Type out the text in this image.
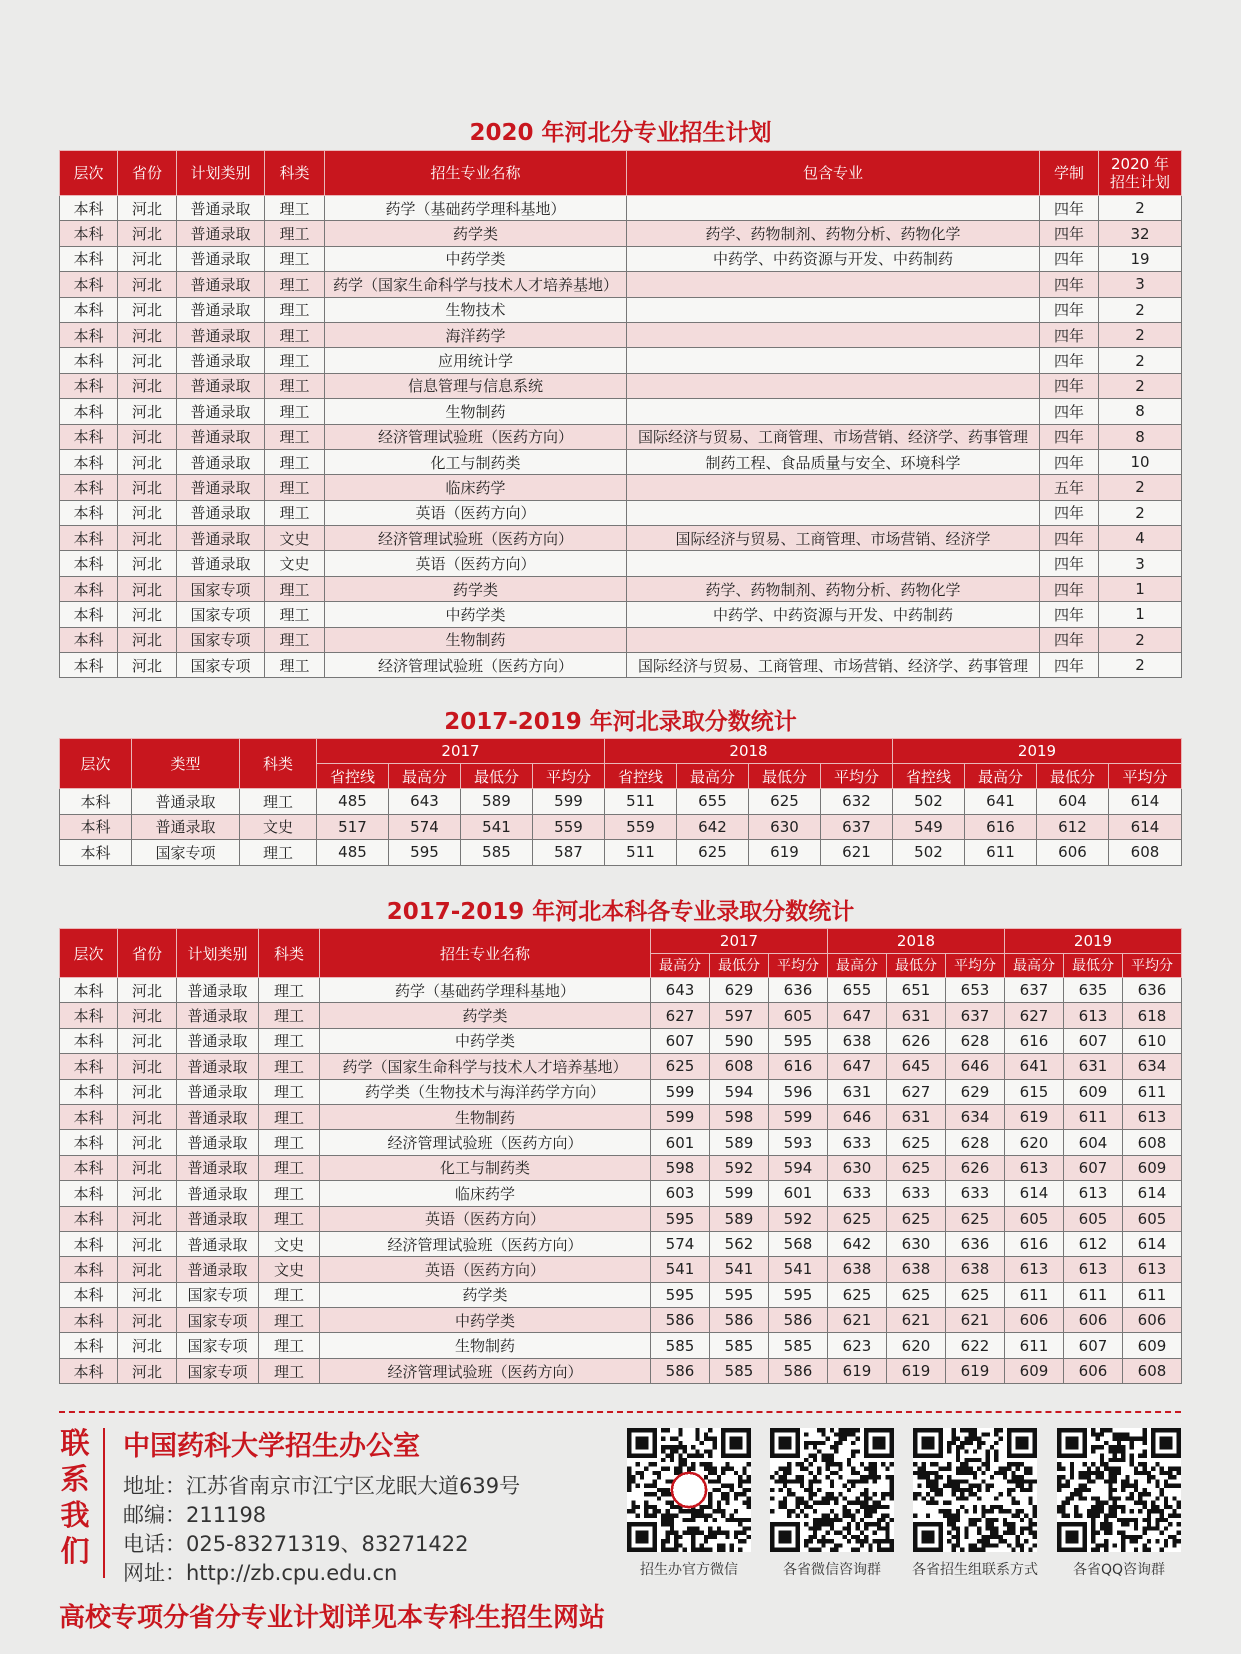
2020 年河北分专业招生计划
层次	省份	计划类别	科类	招生专业名称	包含专业	学制	2020 年
招生计划
本科	河北	普通录取	理工	药学（基础药学理科基地）		四年	2
本科	河北	普通录取	理工	药学类	药学、药物制剂、药物分析、药物化学	四年	32
本科	河北	普通录取	理工	中药学类	中药学、中药资源与开发、中药制药	四年	19
本科	河北	普通录取	理工	药学（国家生命科学与技术人才培养基地）		四年	3
本科	河北	普通录取	理工	生物技术		四年	2
本科	河北	普通录取	理工	海洋药学		四年	2
本科	河北	普通录取	理工	应用统计学		四年	2
本科	河北	普通录取	理工	信息管理与信息系统		四年	2
本科	河北	普通录取	理工	生物制药		四年	8
本科	河北	普通录取	理工	经济管理试验班（医药方向）	国际经济与贸易、工商管理、市场营销、经济学、药事管理	四年	8
本科	河北	普通录取	理工	化工与制药类	制药工程、食品质量与安全、环境科学	四年	10
本科	河北	普通录取	理工	临床药学		五年	2
本科	河北	普通录取	理工	英语（医药方向）		四年	2
本科	河北	普通录取	文史	经济管理试验班（医药方向）	国际经济与贸易、工商管理、市场营销、经济学	四年	4
本科	河北	普通录取	文史	英语（医药方向）		四年	3
本科	河北	国家专项	理工	药学类	药学、药物制剂、药物分析、药物化学	四年	1
本科	河北	国家专项	理工	中药学类	中药学、中药资源与开发、中药制药	四年	1
本科	河北	国家专项	理工	生物制药		四年	2
本科	河北	国家专项	理工	经济管理试验班（医药方向）	国际经济与贸易、工商管理、市场营销、经济学、药事管理	四年	2
2017-2019 年河北录取分数统计
层次	类型	科类	2017				2018				2019			
			省控线	最高分	最低分	平均分	省控线	最高分	最低分	平均分	省控线	最高分	最低分	平均分
本科	普通录取	理工	485	643	589	599	511	655	625	632	502	641	604	614
本科	普通录取	文史	517	574	541	559	559	642	630	637	549	616	612	614
本科	国家专项	理工	485	595	585	587	511	625	619	621	502	611	606	608
2017-2019 年河北本科各专业录取分数统计
层次	省份	计划类别	科类	招生专业名称	2017			2018			2019		
					最高分	最低分	平均分	最高分	最低分	平均分	最高分	最低分	平均分
本科	河北	普通录取	理工	药学（基础药学理科基地）	643	629	636	655	651	653	637	635	636
本科	河北	普通录取	理工	药学类	627	597	605	647	631	637	627	613	618
本科	河北	普通录取	理工	中药学类	607	590	595	638	626	628	616	607	610
本科	河北	普通录取	理工	药学（国家生命科学与技术人才培养基地）	625	608	616	647	645	646	641	631	634
本科	河北	普通录取	理工	药学类（生物技术与海洋药学方向）	599	594	596	631	627	629	615	609	611
本科	河北	普通录取	理工	生物制药	599	598	599	646	631	634	619	611	613
本科	河北	普通录取	理工	经济管理试验班（医药方向）	601	589	593	633	625	628	620	604	608
本科	河北	普通录取	理工	化工与制药类	598	592	594	630	625	626	613	607	609
本科	河北	普通录取	理工	临床药学	603	599	601	633	633	633	614	613	614
本科	河北	普通录取	理工	英语（医药方向）	595	589	592	625	625	625	605	605	605
本科	河北	普通录取	文史	经济管理试验班（医药方向）	574	562	568	642	630	636	616	612	614
本科	河北	普通录取	文史	英语（医药方向）	541	541	541	638	638	638	613	613	613
本科	河北	国家专项	理工	药学类	595	595	595	625	625	625	611	611	611
本科	河北	国家专项	理工	中药学类	586	586	586	621	621	621	606	606	606
本科	河北	国家专项	理工	生物制药	585	585	585	623	620	622	611	607	609
本科	河北	国家专项	理工	经济管理试验班（医药方向）	586	585	586	619	619	619	609	606	608
联
系
我
们
中国药科大学招生办公室
地址：江苏省南京市江宁区龙眠大道639号
邮编：211198
电话：025-83271319、83271422
网址：http://zb.cpu.edu.cn	招生办官方微信	各省微信咨询群	各省招生组联系方式	各省QQ咨询群
高校专项分省分专业计划详见本专科生招生网站
